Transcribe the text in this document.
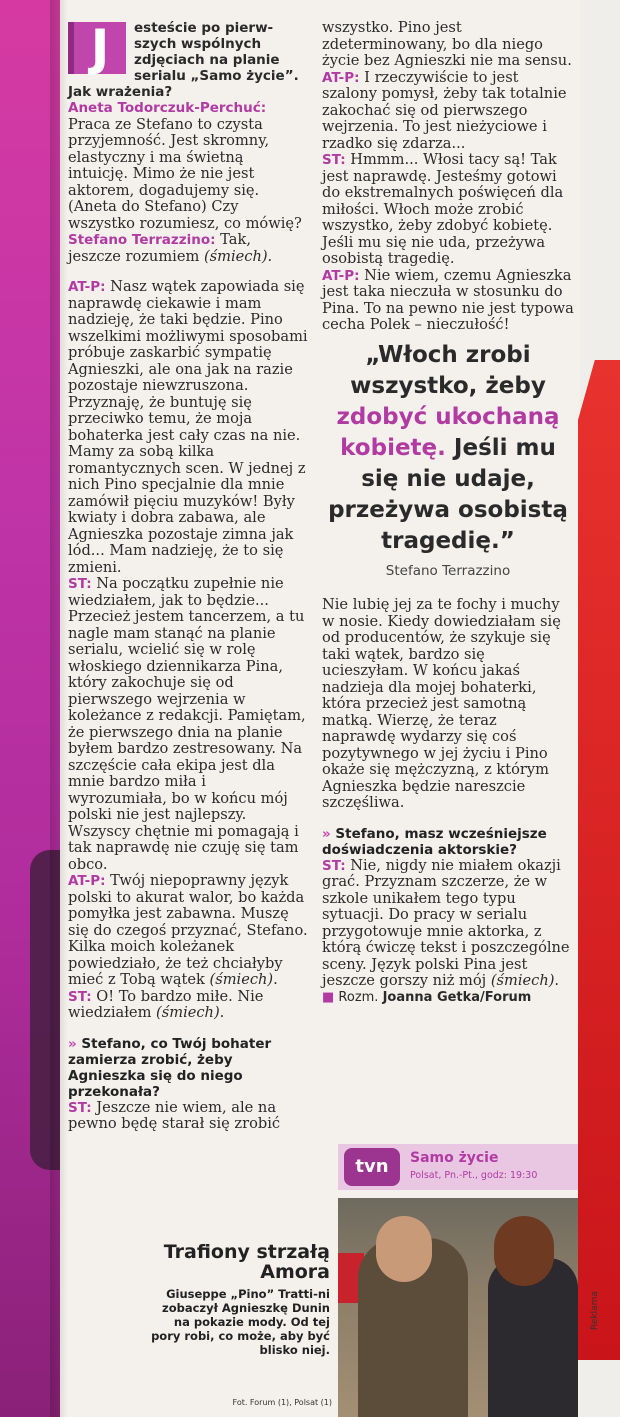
Reklama
J	esteście po pierw-szych wspólnych zdjęciach na planie serialu „Samo życie”. Jak wrażenia?

Aneta Todorczuk-Perchuć: Praca ze Stefano to czysta przyjemność. Jest skromny, elastyczny i ma świetną intuicję. Mimo że nie jest aktorem, dogadujemy się. (Aneta do Stefano) Czy wszystko rozumiesz, co mówię?

Stefano Terrazzino: Tak, jeszcze rozumiem (śmiech).

AT-P: Nasz wątek zapowiada się naprawdę ciekawie i mam nadzieję, że taki będzie. Pino wszelkimi możliwymi sposobami próbuje zaskarbić sympatię Agnieszki, ale ona jak na razie pozostaje niewzruszona. Przyznaję, że buntuję się przeciwko temu, że moja bohaterka jest cały czas na nie. Mamy za sobą kilka romantycznych scen. W jednej z nich Pino specjalnie dla mnie zamówił pięciu muzyków! Były kwiaty i dobra zabawa, ale Agnieszka pozostaje zimna jak lód... Mam nadzieję, że to się zmieni.

ST: Na początku zupełnie nie wiedziałem, jak to będzie... Przecież jestem tancerzem, a tu nagle mam stanąć na planie serialu, wcielić się w rolę włoskiego dziennikarza Pina, który zakochuje się od pierwszego wejrzenia w koleżance z redakcji. Pamiętam, że pierwszego dnia na planie byłem bardzo zestresowany. Na szczęście cała ekipa jest dla mnie bardzo miła i wyrozumiała, bo w końcu mój polski nie jest najlepszy. Wszyscy chętnie mi pomagają i tak naprawdę nie czuję się tam obco.

AT-P: Twój niepoprawny język polski to akurat walor, bo każda pomyłka jest zabawna. Muszę się do czegoś przyznać, Stefano. Kilka moich koleżanek powiedziało, że też chciałyby mieć z Tobą wątek (śmiech).

ST: O! To bardzo miłe. Nie wiedziałem (śmiech).

» Stefano, co Twój bohater zamierza zrobić, żeby Agnieszka się do niego przekonała?

ST: Jeszcze nie wiem, ale na pewno będę starał się zrobić

wszystko. Pino jest zdeterminowany, bo dla niego życie bez Agnieszki nie ma sensu.

AT-P: I rzeczywiście to jest szalony pomysł, żeby tak totalnie zakochać się od pierwszego wejrzenia. To jest nieżyciowe i rzadko się zdarza...

ST: Hmmm... Włosi tacy są! Tak jest naprawdę. Jesteśmy gotowi do ekstremalnych poświęceń dla miłości. Włoch może zrobić wszystko, żeby zdobyć kobietę. Jeśli mu się nie uda, przeżywa osobistą tragedię.

AT-P: Nie wiem, czemu Agnieszka jest taka nieczuła w stosunku do Pina. To na pewno nie jest typowa cecha Polek – nieczułość!

„Włoch zrobi wszystko, żeby zdobyć ukochaną kobietę. Jeśli mu się nie udaje, przeżywa osobistą tragedię.”
Stefano Terrazzino

Nie lubię jej za te fochy i muchy w nosie. Kiedy dowiedziałam się od producentów, że szykuje się taki wątek, bardzo się ucieszyłam. W końcu jakaś nadzieja dla mojej bohaterki, która przecież jest samotną matką. Wierzę, że teraz naprawdę wydarzy się coś pozytywnego w jej życiu i Pino okaże się mężczyzną, z którym Agnieszka będzie nareszcie szczęśliwa.

» Stefano, masz wcześniejsze doświadczenia aktorskie?

ST: Nie, nigdy nie miałem okazji grać. Przyznam szczerze, że w szkole unikałem tego typu sytuacji. Do pracy w serialu przygotowuje mnie aktorka, z którą ćwiczę tekst i poszczególne sceny. Język polski Pina jest jeszcze gorszy niż mój (śmiech).

■ Rozm. Joanna Getka/Forum

tvn	Samo życie
Polsat, Pn.-Pt., godz: 19:30
Trafiony strzałą Amora
Giuseppe „Pino” Tratti-ni zobaczył Agnieszkę Dunin na pokazie mody. Od tej pory robi, co może, aby być blisko niej.
Fot. Forum (1), Polsat (1)
